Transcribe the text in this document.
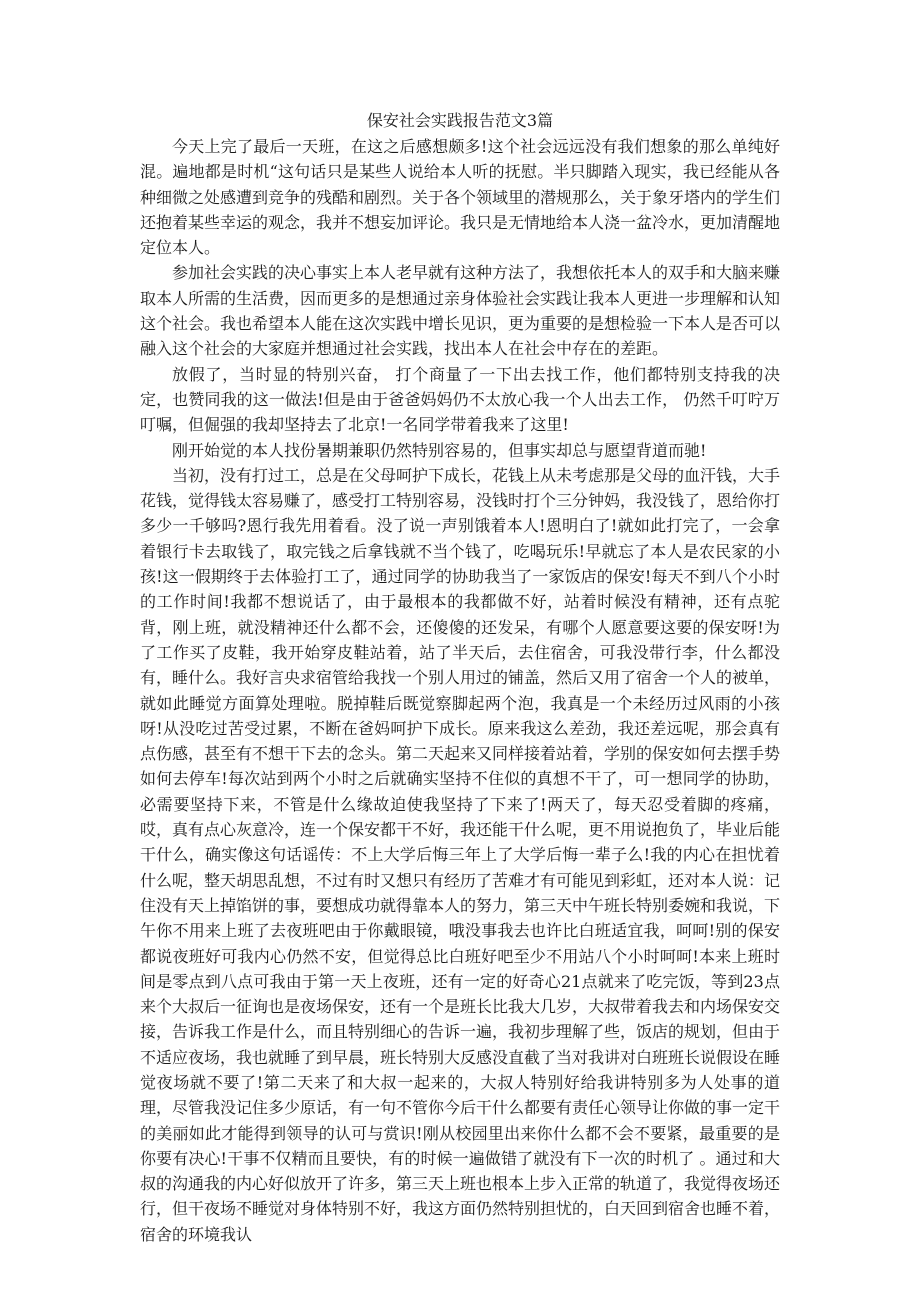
保安社会实践报告范文3篇

今天上完了最后一天班，在这之后感想颇多!这个社会远远没有我们想象的那么单纯好混。遍地都是时机“这句话只是某些人说给本人听的抚慰。半只脚踏入现实，我已经能从各种细微之处感遭到竞争的残酷和剧烈。关于各个领域里的潜规那么，关于象牙塔内的学生们还抱着某些幸运的观念，我并不想妄加评论。我只是无情地给本人浇一盆冷水，更加清醒地定位本人。

参加社会实践的决心事实上本人老早就有这种方法了，我想依托本人的双手和大脑来赚取本人所需的生活费，因而更多的是想通过亲身体验社会实践让我本人更进一步理解和认知这个社会。我也希望本人能在这次实践中增长见识，更为重要的是想检验一下本人是否可以融入这个社会的大家庭并想通过社会实践，找出本人在社会中存在的差距。

放假了，当时显的特别兴奋， 打个商量了一下出去找工作，他们都特别支持我的决定，也赞同我的这一做法!但是由于爸爸妈妈仍不太放心我一个人出去工作， 仍然千叮咛万叮嘱，但倔强的我却坚持去了北京!一名同学带着我来了这里!

刚开始觉的本人找份暑期兼职仍然特别容易的，但事实却总与愿望背道而驰!

当初，没有打过工，总是在父母呵护下成长，花钱上从未考虑那是父母的血汗钱，大手花钱，觉得钱太容易赚了，感受打工特别容易，没钱时打个三分钟妈，我没钱了，恩给你打多少一千够吗?恩行我先用着看。没了说一声别饿着本人!恩明白了!就如此打完了，一会拿着银行卡去取钱了，取完钱之后拿钱就不当个钱了，吃喝玩乐!早就忘了本人是农民家的小孩!这一假期终于去体验打工了，通过同学的协助我当了一家饭店的保安!每天不到八个小时的工作时间!我都不想说话了，由于最根本的我都做不好，站着时候没有精神，还有点驼背，刚上班，就没精神还什么都不会，还傻傻的还发呆，有哪个人愿意要这要的保安呀!为了工作买了皮鞋，我开始穿皮鞋站着，站了半天后，去住宿舍，可我没带行李，什么都没有，睡什么。我好言央求宿管给我找一个别人用过的铺盖，然后又用了宿舍一个人的被单，就如此睡觉方面算处理啦。脱掉鞋后既觉察脚起两个泡，我真是一个未经历过风雨的小孩呀!从没吃过苦受过累，不断在爸妈呵护下成长。原来我这么差劲，我还差远呢，那会真有点伤感，甚至有不想干下去的念头。第二天起来又同样接着站着，学别的保安如何去摆手势如何去停车!每次站到两个小时之后就确实坚持不住似的真想不干了，可一想同学的协助，必需要坚持下来，不管是什么缘故迫使我坚持了下来了!两天了，每天忍受着脚的疼痛，哎，真有点心灰意冷，连一个保安都干不好，我还能干什么呢，更不用说抱负了，毕业后能干什么，确实像这句话谣传：不上大学后悔三年上了大学后悔一辈子么!我的内心在担忧着什么呢，整天胡思乱想，不过有时又想只有经历了苦难才有可能见到彩虹，还对本人说：记住没有天上掉馅饼的事，要想成功就得靠本人的努力，第三天中午班长特别委婉和我说，下午你不用来上班了去夜班吧由于你戴眼镜，哦没事我去也许比白班适宜我，呵呵!别的保安都说夜班好可我内心仍然不安，但觉得总比白班好吧至少不用站八个小时呵呵!本来上班时间是零点到八点可我由于第一天上夜班，还有一定的好奇心21点就来了吃完饭，等到23点来个大叔后一征询也是夜场保安，还有一个是班长比我大几岁，大叔带着我去和内场保安交接，告诉我工作是什么，而且特别细心的告诉一遍，我初步理解了些，饭店的规划，但由于不适应夜场，我也就睡了到早晨，班长特别大反感没直截了当对我讲对白班班长说假设在睡觉夜场就不要了!第二天来了和大叔一起来的，大叔人特别好给我讲特别多为人处事的道理，尽管我没记住多少原话，有一句不管你今后干什么都要有责任心领导让你做的事一定干的美丽如此才能得到领导的认可与赏识!刚从校园里出来你什么都不会不要紧，最重要的是你要有决心!干事不仅精而且要快，有的时候一遍做错了就没有下一次的时机了 。通过和大叔的沟通我的内心好似放开了许多，第三天上班也根本上步入正常的轨道了，我觉得夜场还行，但干夜场不睡觉对身体特别不好，我这方面仍然特别担忧的，白天回到宿舍也睡不着，宿舍的环境我认
